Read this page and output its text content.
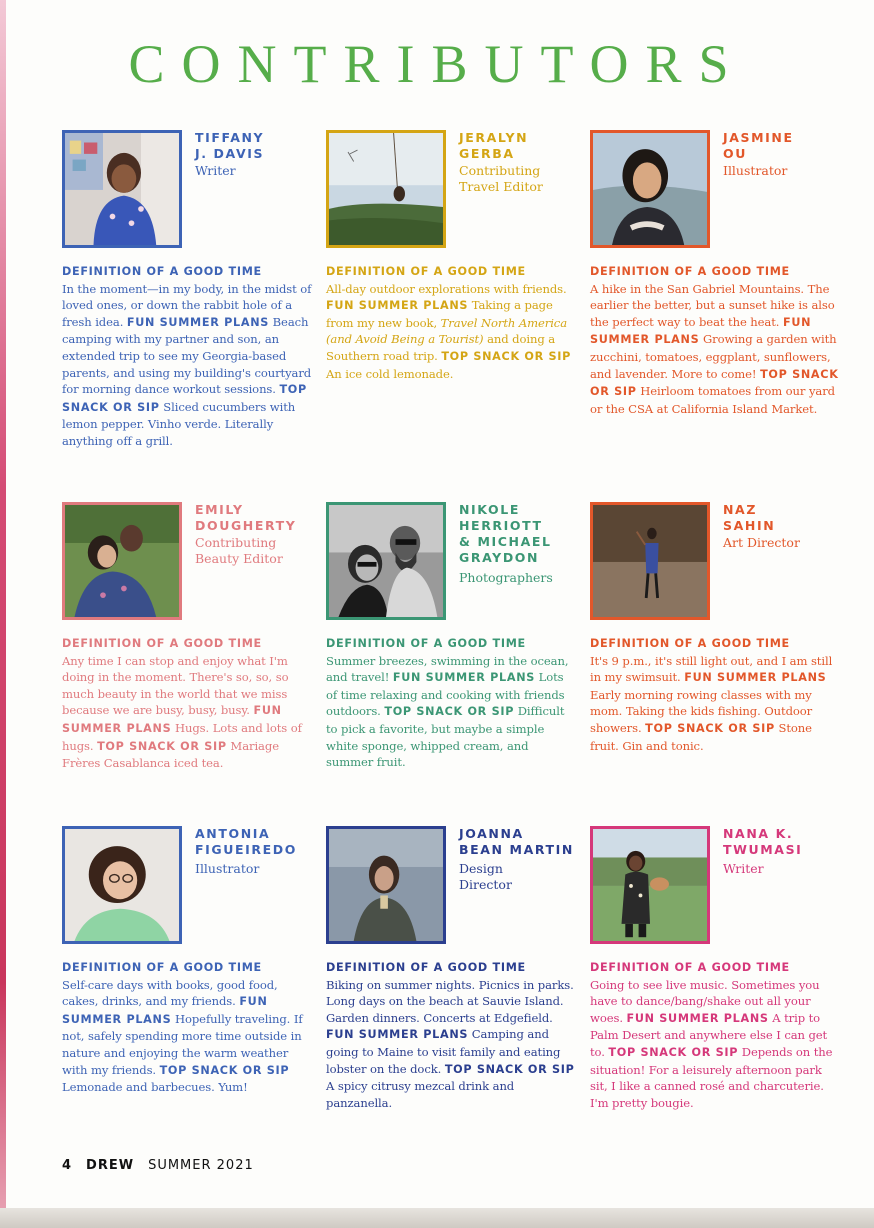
CONTRIBUTORS
TIFFANY
J. DAVIS
Writer
DEFINITION OF A GOOD TIME
In the moment—in my body, in the midst of loved ones, or down the rabbit hole of a fresh idea. FUN SUMMER PLANS Beach camping with my partner and son, an extended trip to see my Georgia-based parents, and using my building's courtyard for morning dance workout sessions. TOP SNACK OR SIP Sliced cucumbers with lemon pepper. Vinho verde. Literally anything off a grill.
JERALYN
GERBA
Contributing
Travel Editor
DEFINITION OF A GOOD TIME
All-day outdoor explorations with friends. FUN SUMMER PLANS Taking a page from my new book, Travel North America (and Avoid Being a Tourist) and doing a Southern road trip. TOP SNACK OR SIP An ice cold lemonade.
JASMINE
OU
Illustrator
DEFINITION OF A GOOD TIME
A hike in the San Gabriel Mountains. The earlier the better, but a sunset hike is also the perfect way to beat the heat. FUN SUMMER PLANS Growing a garden with zucchini, tomatoes, eggplant, sunflowers, and lavender. More to come! TOP SNACK OR SIP Heirloom tomatoes from our yard or the CSA at California Island Market.
EMILY
DOUGHERTY
Contributing
Beauty Editor
DEFINITION OF A GOOD TIME
Any time I can stop and enjoy what I'm doing in the moment. There's so, so, so much beauty in the world that we miss because we are busy, busy, busy. FUN SUMMER PLANS Hugs. Lots and lots of hugs. TOP SNACK OR SIP Mariage Frères Casablanca iced tea.
NIKOLE
HERRIOTT
& MICHAEL
GRAYDON
Photographers
DEFINITION OF A GOOD TIME
Summer breezes, swimming in the ocean, and travel! FUN SUMMER PLANS Lots of time relaxing and cooking with friends outdoors. TOP SNACK OR SIP Difficult to pick a favorite, but maybe a simple white sponge, whipped cream, and summer fruit.
NAZ
SAHIN
Art Director
DEFINITION OF A GOOD TIME
It's 9 p.m., it's still light out, and I am still in my swimsuit. FUN SUMMER PLANS Early morning rowing classes with my mom. Taking the kids fishing. Outdoor showers. TOP SNACK OR SIP Stone fruit. Gin and tonic.
ANTONIA
FIGUEIREDO
Illustrator
DEFINITION OF A GOOD TIME
Self-care days with books, good food, cakes, drinks, and my friends. FUN SUMMER PLANS Hopefully traveling. If not, safely spending more time outside in nature and enjoying the warm weather with my friends. TOP SNACK OR SIP Lemonade and barbecues. Yum!
JOANNA
BEAN MARTIN
Design
Director
DEFINITION OF A GOOD TIME
Biking on summer nights. Picnics in parks. Long days on the beach at Sauvie Island. Garden dinners. Concerts at Edgefield. FUN SUMMER PLANS Camping and going to Maine to visit family and eating lobster on the dock. TOP SNACK OR SIP A spicy citrusy mezcal drink and panzanella.
NANA K.
TWUMASI
Writer
DEFINITION OF A GOOD TIME
Going to see live music. Sometimes you have to dance/bang/shake out all your woes. FUN SUMMER PLANS A trip to Palm Desert and anywhere else I can get to. TOP SNACK OR SIP Depends on the situation! For a leisurely afternoon park sit, I like a canned rosé and charcuterie. I'm pretty bougie.
4 DREW SUMMER 2021
